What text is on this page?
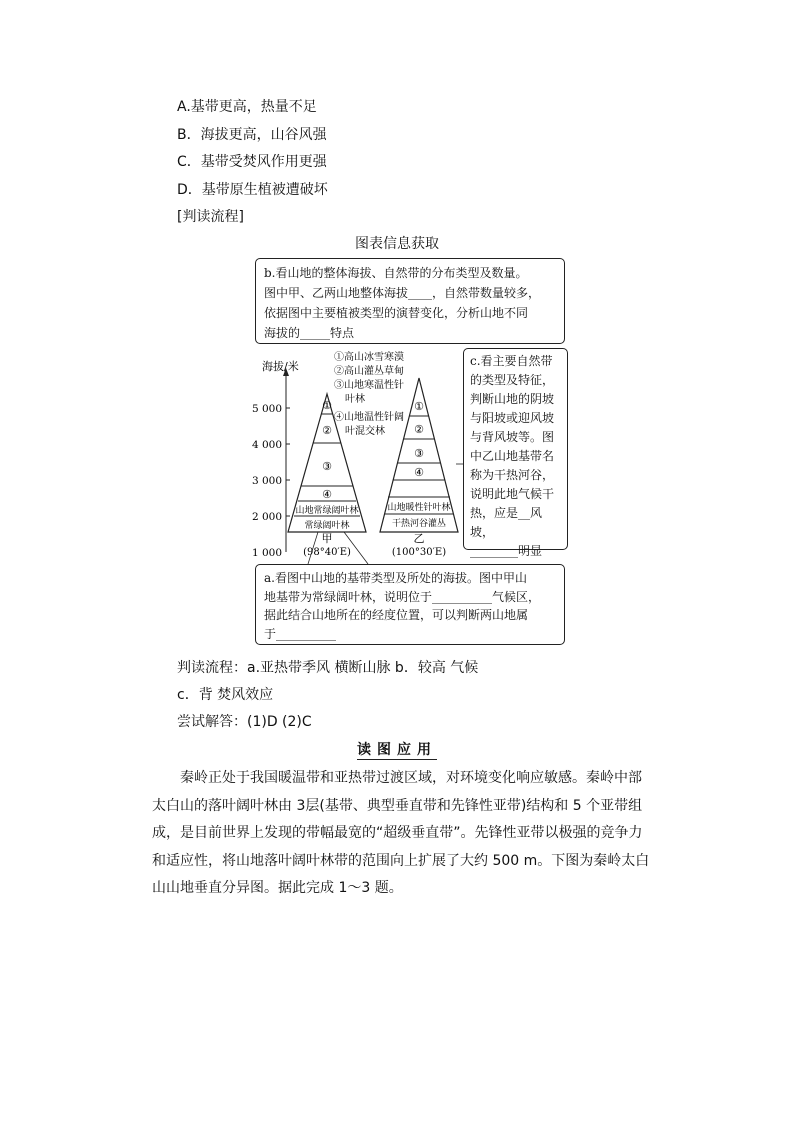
A.基带更高，热量不足
B．海拔更高，山谷风强
C．基带受焚风作用更强
D．基带原生植被遭破坏
[判读流程]
图表信息获取
b.看山地的整体海拔、自然带的分布类型及数量。
图中甲、乙两山地整体海拔____，自然带数量较多，
依据图中主要植被类型的演替变化，分析山地不同
海拔的_____特点
c.看主要自然带
的类型及特征，
判断山地的阴坡
与阳坡或迎风坡
与背风坡等。图
中乙山地基带名
称为干热河谷，
说明此地气候干
热，应是__风坡，
________明显
海拔/米
5 000
4 000
3 000
2 000
1 000
①高山冰雪寒漠
②高山灌丛草甸
③山地寒温性针
叶林
④山地温性针阔
叶混交林
①
②
③
④
山地常绿阔叶林
常绿阔叶林
甲
(98°40′E)
①
②
③
④
山地暖性针叶林
干热河谷灌丛
乙
(100°30′E)
a.看图中山地的基带类型及所处的海拔。图中甲山
地基带为常绿阔叶林，说明位于__________气候区，
据此结合山地所在的经度位置，可以判断两山地属
于__________
判读流程：a.亚热带季风 横断山脉 b．较高 气候
c．背 焚风效应
尝试解答：(1)D (2)C
读图应用
秦岭正处于我国暖温带和亚热带过渡区域，对环境变化响应敏感。秦岭中部太白山的落叶阔叶林由 3层(基带、典型垂直带和先锋性亚带)结构和 5 个亚带组成，是目前世界上发现的带幅最宽的“超级垂直带”。先锋性亚带以极强的竞争力和适应性，将山地落叶阔叶林带的范围向上扩展了大约 500 m。下图为秦岭太白山山地垂直分异图。据此完成 1～3 题。
